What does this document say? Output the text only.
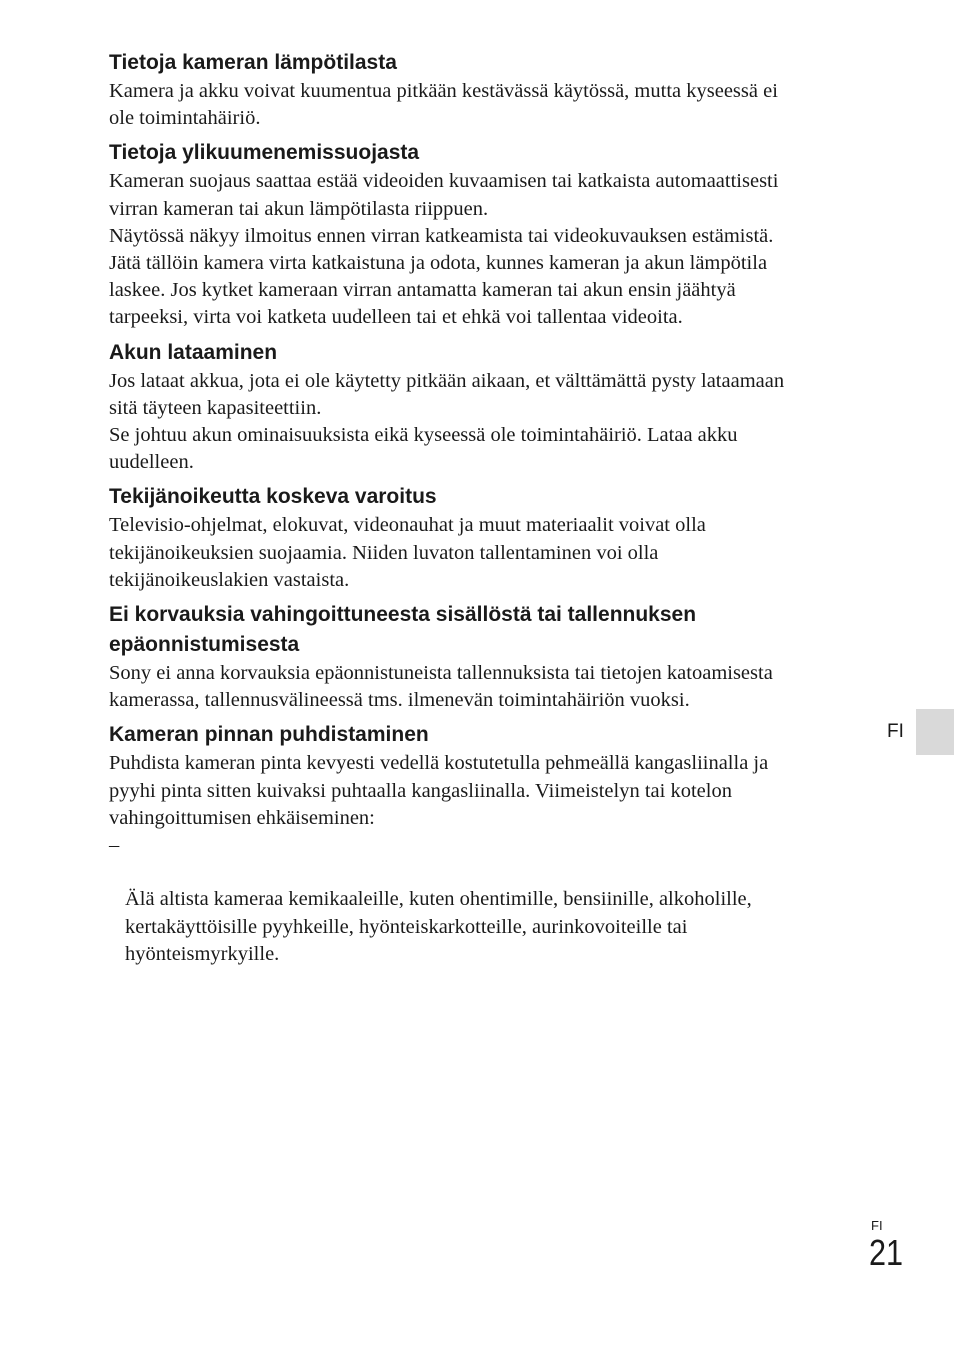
Tietoja kameran lämpötilasta

Kamera ja akku voivat kuumentua pitkään kestävässä käytössä, mutta kyseessä ei
ole toimintahäiriö.

Tietoja ylikuumenemissuojasta

Kameran suojaus saattaa estää videoiden kuvaamisen tai katkaista automaattisesti
virran kameran tai akun lämpötilasta riippuen.

Näytössä näkyy ilmoitus ennen virran katkeamista tai videokuvauksen estämistä.
Jätä tällöin kamera virta katkaistuna ja odota, kunnes kameran ja akun lämpötila
laskee. Jos kytket kameraan virran antamatta kameran tai akun ensin jäähtyä
tarpeeksi, virta voi katketa uudelleen tai et ehkä voi tallentaa videoita.

Akun lataaminen

Jos lataat akkua, jota ei ole käytetty pitkään aikaan, et välttämättä pysty lataamaan
sitä täyteen kapasiteettiin.

Se johtuu akun ominaisuuksista eikä kyseessä ole toimintahäiriö. Lataa akku
uudelleen.

Tekijänoikeutta koskeva varoitus

Televisio-ohjelmat, elokuvat, videonauhat ja muut materiaalit voivat olla
tekijänoikeuksien suojaamia. Niiden luvaton tallentaminen voi olla
tekijänoikeuslakien vastaista.

Ei korvauksia vahingoittuneesta sisällöstä tai tallennuksen
epäonnistumisesta

Sony ei anna korvauksia epäonnistuneista tallennuksista tai tietojen katoamisesta
kamerassa, tallennusvälineessä tms. ilmenevän toimintahäiriön vuoksi.

Kameran pinnan puhdistaminen

Puhdista kameran pinta kevyesti vedellä kostutetulla pehmeällä kangasliinalla ja
pyyhi pinta sitten kuivaksi puhtaalla kangasliinalla. Viimeistelyn tai kotelon
vahingoittumisen ehkäiseminen:

–

Älä altista kameraa kemikaaleille, kuten ohentimille, bensiinille, alkoholille,
kertakäyttöisille pyyhkeille, hyönteiskarkotteille, aurinkovoiteille tai
hyönteismyrkyille.

FI
FI
21
